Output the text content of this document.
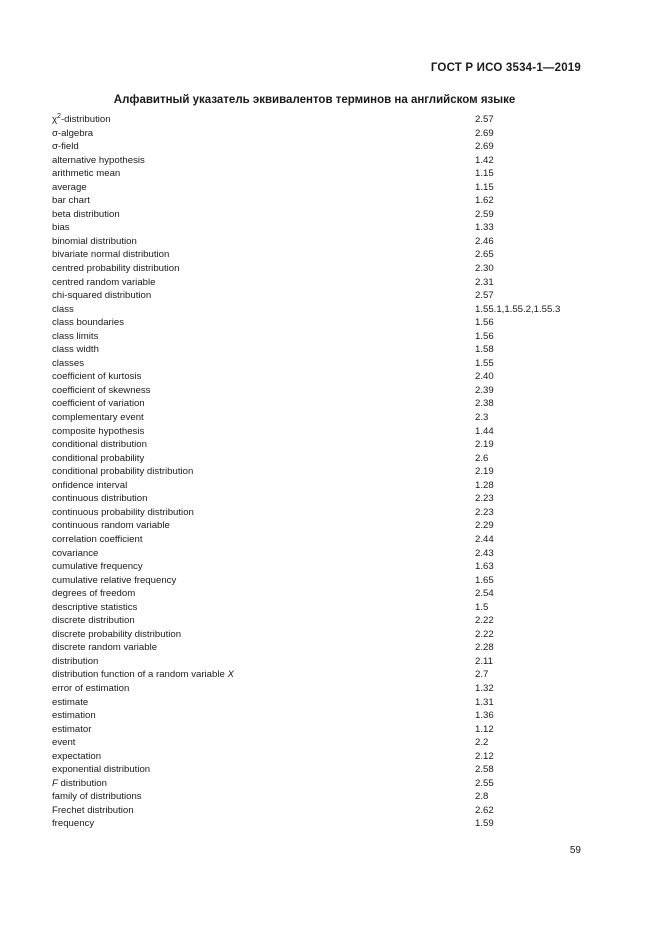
ГОСТ Р ИСО 3534-1—2019
Алфавитный указатель эквивалентов терминов на английском языке
$\chi^2$-distribution	2.57
σ-algebra	2.69
σ-field	2.69
alternative hypothesis	1.42
arithmetic mean	1.15
average	1.15
bar chart	1.62
beta distribution	2.59
bias	1.33
binomial distribution	2.46
bivariate normal distribution	2.65
centred probability distribution	2.30
centred random variable	2.31
chi-squared distribution	2.57
class	1.55.1,1.55.2,1.55.3
class boundaries	1.56
class limits	1.56
class width	1.58
classes	1.55
coefficient of kurtosis	2.40
coefficient of skewness	2.39
coefficient of variation	2.38
complementary event	2.3
composite hypothesis	1.44
conditional distribution	2.19
conditional probability	2.6
conditional probability distribution	2.19
onfidence interval	1.28
continuous distribution	2.23
continuous probability distribution	2.23
continuous random variable	2.29
correlation coefficient	2.44
covariance	2.43
cumulative frequency	1.63
cumulative relative frequency	1.65
degrees of freedom	2.54
descriptive statistics	1.5
discrete distribution	2.22
discrete probability distribution	2.22
discrete random variable	2.28
distribution	2.11
distribution function of a random variable X	2.7
error of estimation	1.32
estimate	1.31
estimation	1.36
estimator	1.12
event	2.2
expectation	2.12
exponential distribution	2.58
F distribution	2.55
family of distributions	2.8
Frechet distribution	2.62
frequency	1.59
59
